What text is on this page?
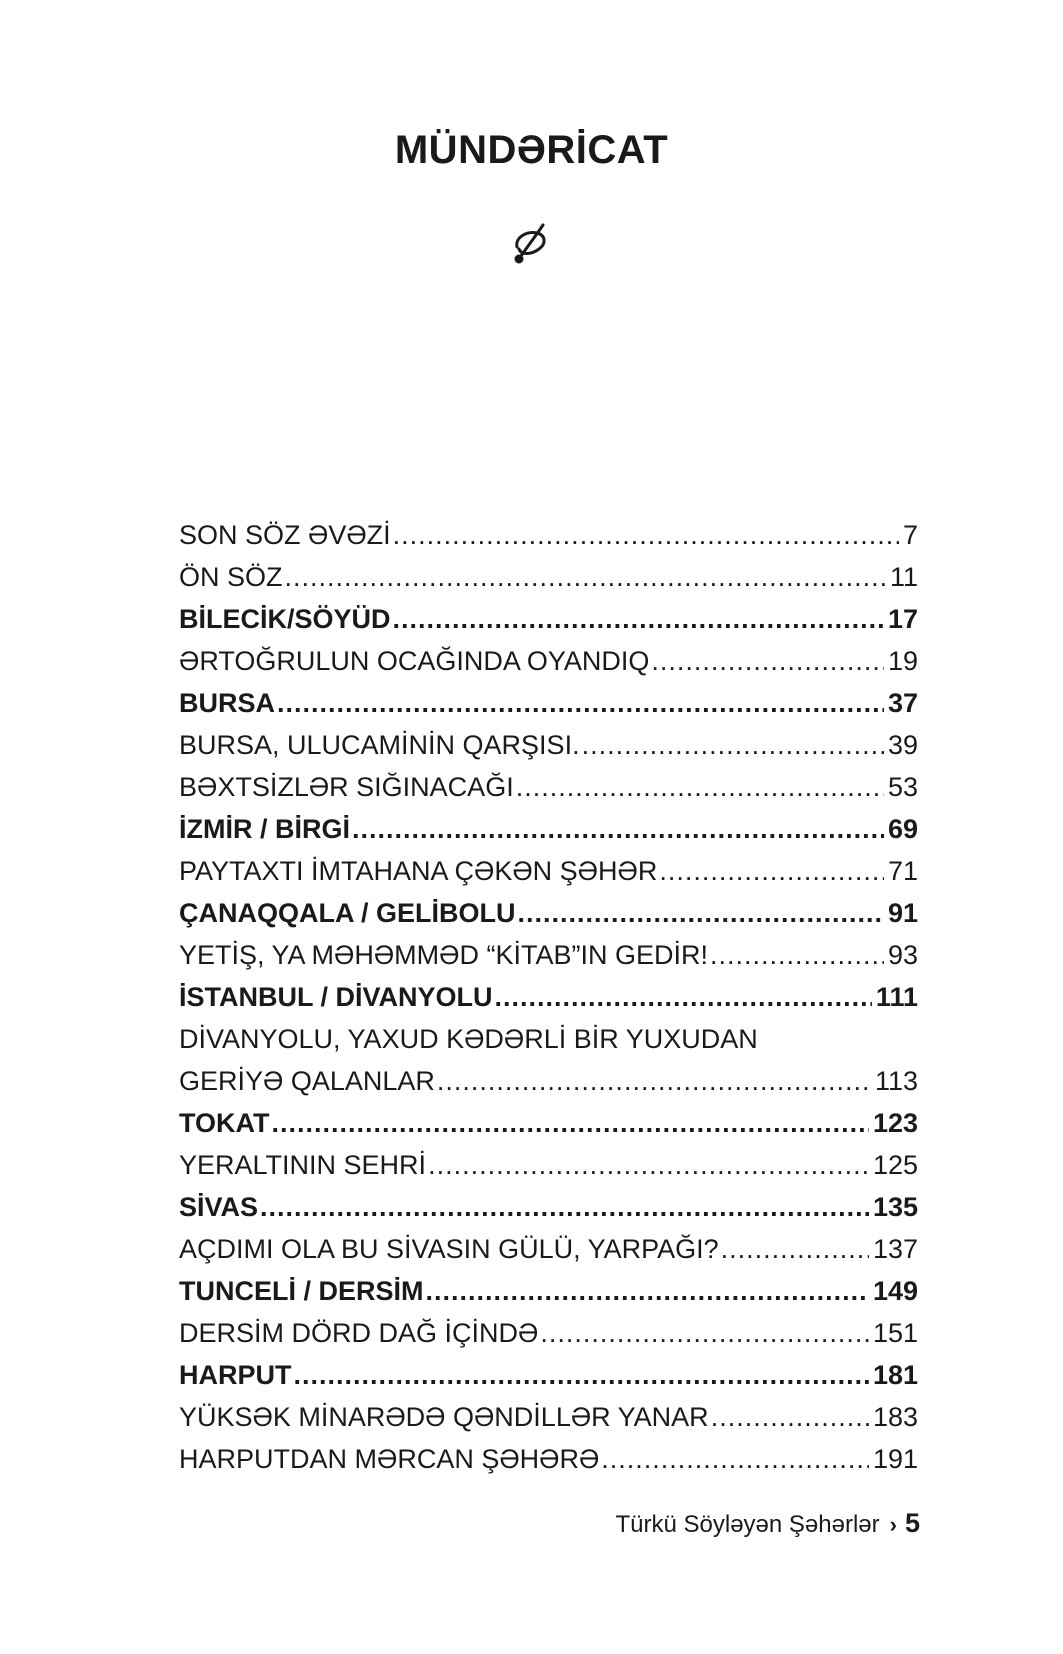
MÜNDƏRİCAT
SON SÖZ ƏVƏZİ .....	7
ÖN SÖZ .....	11
BİLECİK/SÖYÜD .....	17
ƏRTOĞRULUN OCAĞINDA OYANDIQ .....	19
BURSA .....	37
BURSA, ULUCAMİNİN QARŞISI. .....	39
BƏXTSİZLƏR SIĞINACAĞI .....	53
İZMİR / BİRGİ .....	69
PAYTAXTI İMTAHANA ÇƏKƏN ŞƏHƏR .....	71
ÇANAQQALA / GELİBOLU .....	91
YETİŞ, YA MƏHƏMMƏD “KİTAB”IN GEDİR! .....	93
İSTANBUL / DİVANYOLU .....	111
DİVANYOLU, YAXUD KƏDƏRLİ BİR YUXUDAN
GERİYƏ QALANLAR .....	113
TOKAT .....	123
YERALTININ SEHRİ .....	125
SİVAS .....	135
AÇDIMI OLA BU SİVASIN GÜLÜ, YARPAĞI? .....	137
TUNCELİ / DERSİM .....	149
DERSİM DÖRD DAĞ İÇİNDƏ .....	151
HARPUT .....	181
YÜKSƏK MİNARƏDƏ QƏNDİLLƏR YANAR .....	183
HARPUTDAN MƏRCAN ŞƏHƏRƏ .....	191
Türkü Söyləyən Şəhərlər › 5
